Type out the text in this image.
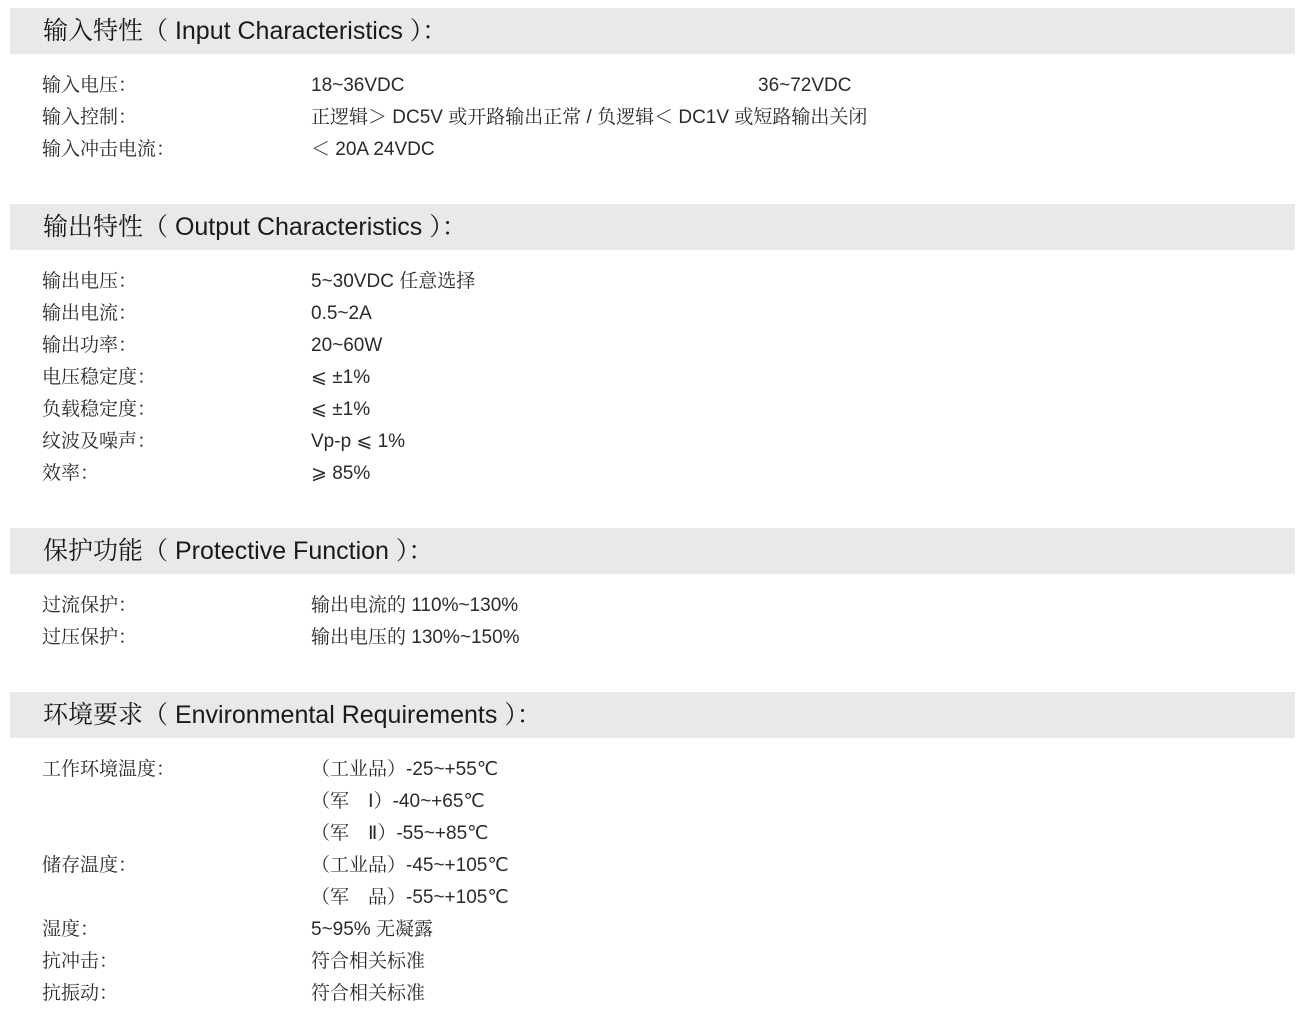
输入特性（ Input Characteristics ）：
输入电压：	18~36VDC	36~72VDC
输入控制：	正逻辑＞ DC5V 或开路输出正常 / 负逻辑＜ DC1V 或短路输出关闭
输入冲击电流：	＜ 20A 24VDC
输出特性（ Output Characteristics ）：
输出电压：	5~30VDC 任意选择
输出电流：	0.5~2A
输出功率：	20~60W
电压稳定度：	⩽ ±1%
负载稳定度：	⩽ ±1%
纹波及噪声：	Vp-p ⩽ 1%
效率：	⩾ 85%
保护功能（ Protective Function ）：
过流保护：	输出电流的 110%~130%
过压保护：	输出电压的 130%~150%
环境要求（ Environmental Requirements ）：
工作环境温度：	（工业品）-25~+55℃
（军　Ⅰ）-40~+65℃
（军　Ⅱ）-55~+85℃
储存温度：	（工业品）-45~+105℃
（军　品）-55~+105℃
湿度：	5~95% 无凝露
抗冲击：	符合相关标准
抗振动：	符合相关标准
